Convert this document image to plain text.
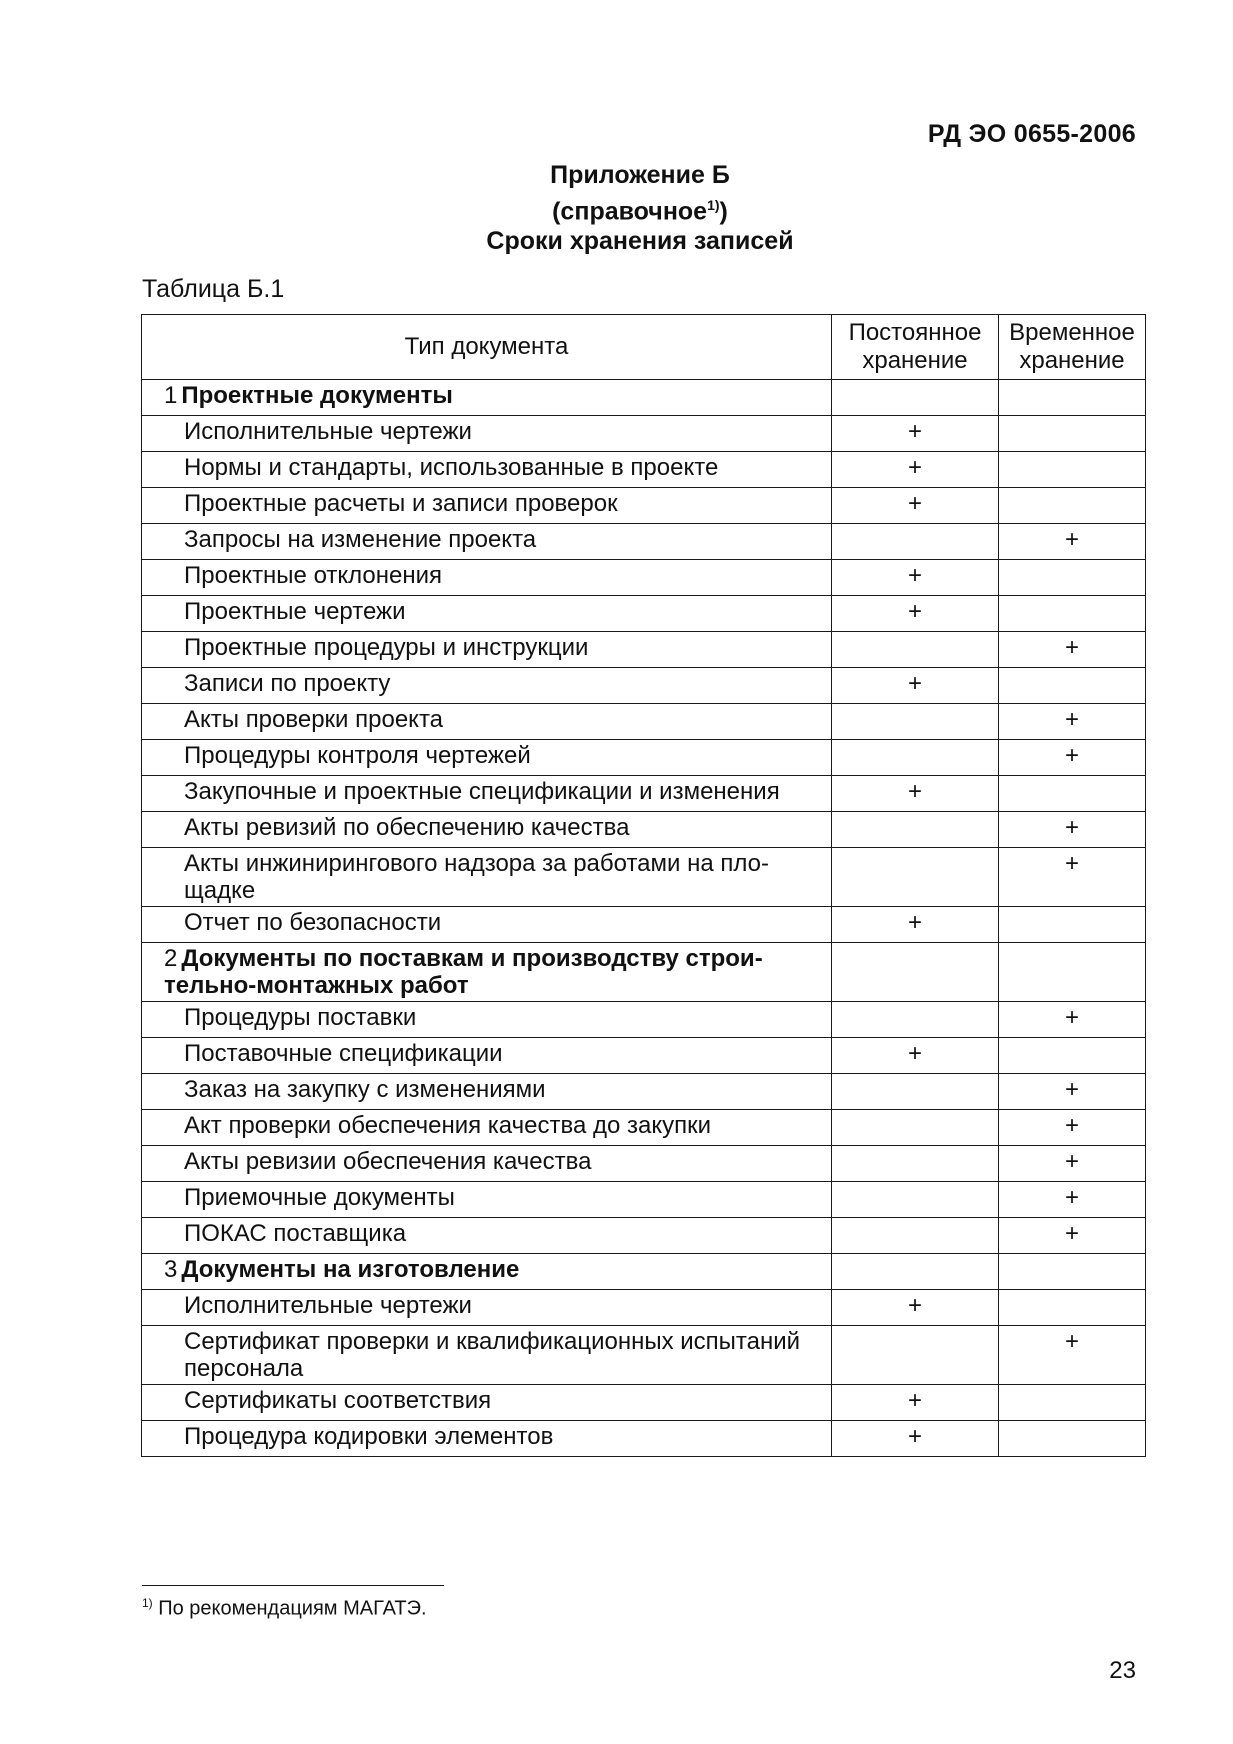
РД ЭО 0655-2006
Приложение Б
(справочное$^{1)}$)
Сроки хранения записей
Таблица Б.1
Тип документа	Постоянное хранение	Временное хранение
1 Проектные документы		
Исполнительные чертежи	+	
Нормы и стандарты, использованные в проекте	+	
Проектные расчеты и записи проверок	+	
Запросы на изменение проекта		+
Проектные отклонения	+	
Проектные чертежи	+	
Проектные процедуры и инструкции		+
Записи по проекту	+	
Акты проверки проекта		+
Процедуры контроля чертежей		+
Закупочные и проектные спецификации и изменения	+	
Акты ревизий по обеспечению качества		+
Акты инжинирингового надзора за работами на пло-
щадке		+
Отчет по безопасности	+	
2 Документы по поставкам и производству строи-
тельно-монтажных работ		
Процедуры поставки		+
Поставочные спецификации	+	
Заказ на закупку с изменениями		+
Акт проверки обеспечения качества до закупки		+
Акты ревизии обеспечения качества		+
Приемочные документы		+
ПОКАС поставщика		+
3 Документы на изготовление		
Исполнительные чертежи	+	
Сертификат проверки и квалификационных испытаний
персонала		+
Сертификаты соответствия	+	
Процедура кодировки элементов	+	
$^{1)}$ По рекомендациям МАГАТЭ.
23
